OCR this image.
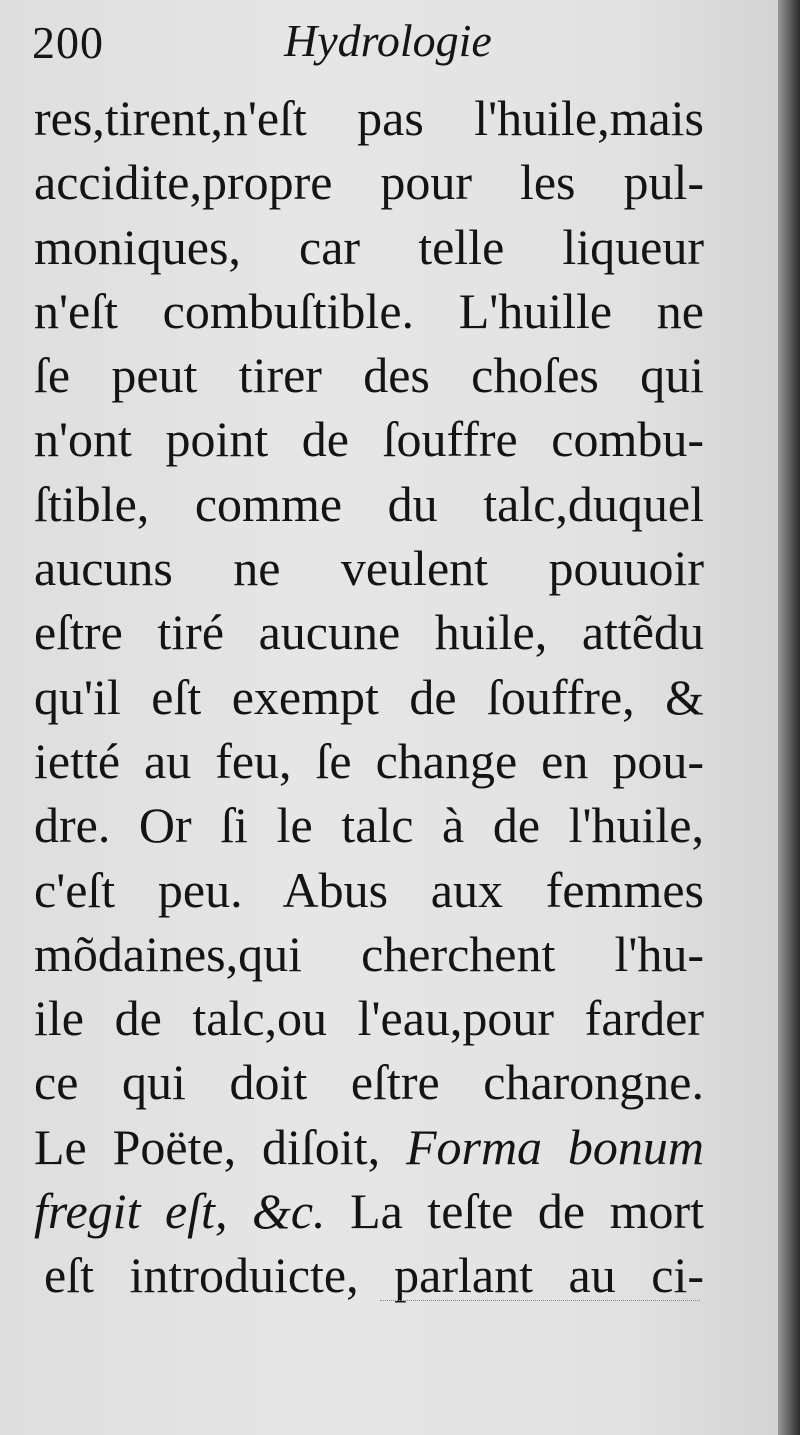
200	Hydrologie
res,tirent,n'eſt pas l'huile,mais
accidite,propre pour les pul-
moniques, car telle liqueur
n'eſt combuſtible. L'huille ne
ſe peut tirer des choſes qui
n'ont point de ſouffre combu-
ſtible, comme du talc,duquel
aucuns ne veulent pouuoir
eſtre tiré aucune huile, attẽdu
qu'il eſt exempt de ſouffre, &
ietté au feu, ſe change en pou-
dre. Or ſi le talc à de l'huile,
c'eſt peu. Abus aux femmes
mõdaines,qui cherchent l'hu-
ile de talc,ou l'eau,pour farder
ce qui doit eſtre charongne.
Le Poëte, diſoit, Forma bonum
fregit eſt, &c. La teſte de mort
eſt introduicte, parlant au ci-
